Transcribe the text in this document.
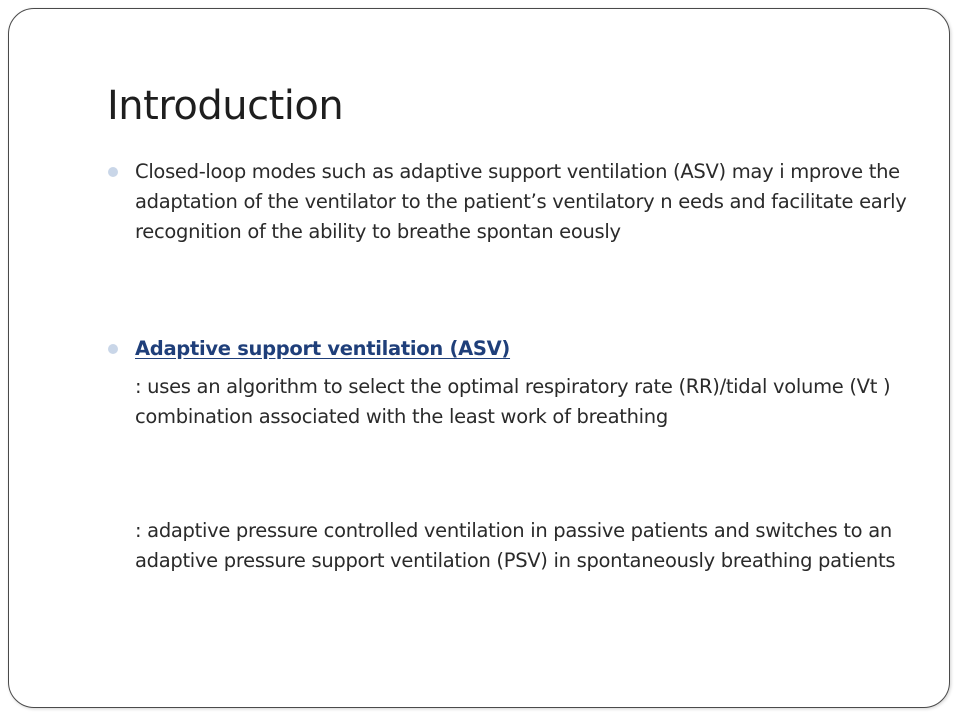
Introduction
Closed-loop modes such as adaptive support ventilation (ASV) may i mprove the adaptation of the ventilator to the patient’s ventilatory n eeds and facilitate early recognition of the ability to breathe spontan eously
Adaptive support ventilation (ASV)
: uses an algorithm to select the optimal respiratory rate (RR)/tidal volume (Vt ) combination associated with the least work of breathing
: adaptive pressure controlled ventilation in passive patients and switches to an adaptive pressure support ventilation (PSV) in spontaneously breathing patients
